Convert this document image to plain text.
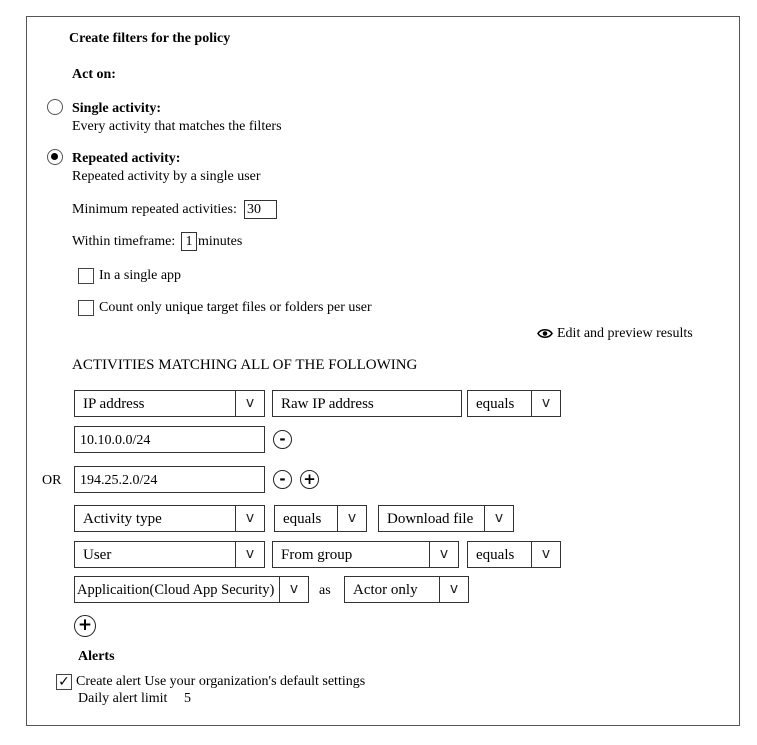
Create filters for the policy
Act on:
Single activity:
Every activity that matches the filters
Repeated activity:
Repeated activity by a single user
Minimum repeated activities: 30
Within timeframe: 1 minutes
In a single app
Count only unique target files or folders per user
Edit and preview results
ACTIVITIES MATCHING ALL OF THE FOLLOWING
IP address	v	Raw IP address	equals	v
10.10.0.0/24	-
OR	194.25.2.0/24	-	+
Activity type	v	equals	v	Download file	v
User	v	From group	v	equals	v
Applicaition(Cloud App Security)	v	as Actor only	v
+
Alerts
✓ Create alert Use your organization's default settings
Daily alert limit 5
